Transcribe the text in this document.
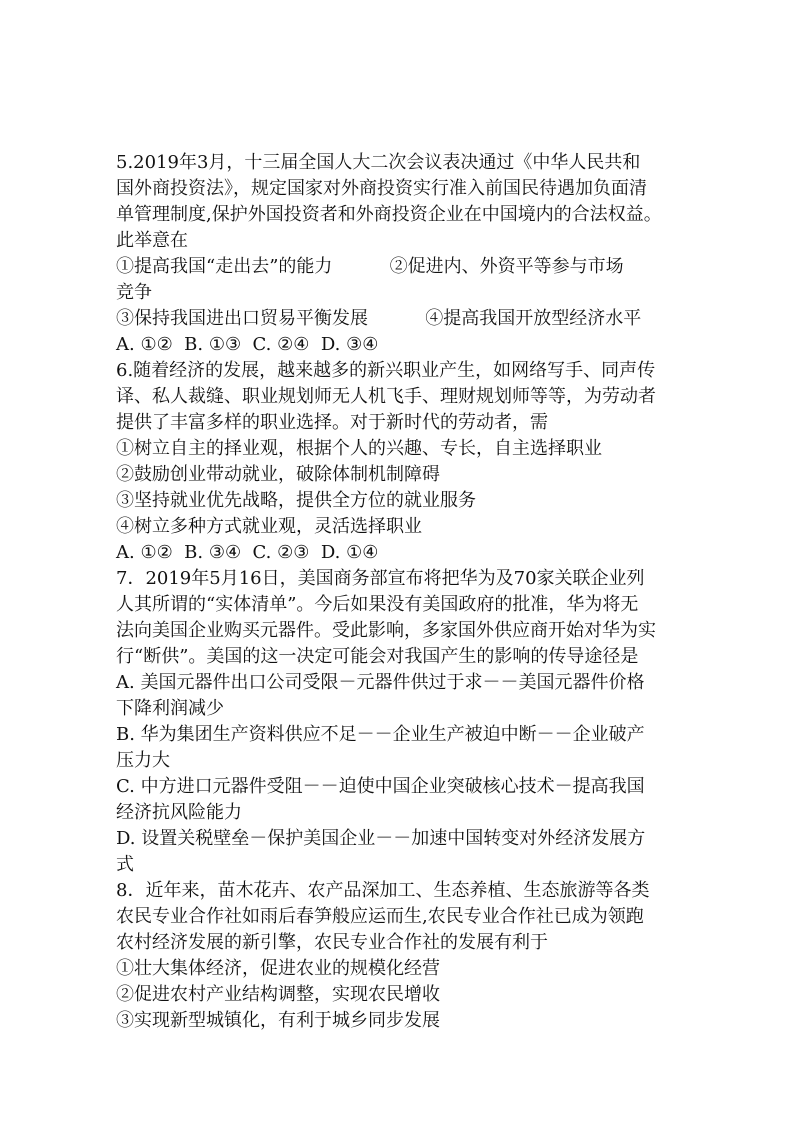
5.2019年3月，十三届全国人大二次会议表决通过《中华人民共和
国外商投资法》，规定国家对外商投资实行准入前国民待遇加负面清
单管理制度,保护外国投资者和外商投资企业在中国境内的合法权益。
此举意在
①提高我国“走出去”的能力          ②促进内、外资平等参与市场
竞争
③保持我国进出口贸易平衡发展          ④提高我国开放型经济水平
A. ①②  B. ①③  C. ②④  D. ③④
6.随着经济的发展，越来越多的新兴职业产生，如网络写手、同声传
译、私人裁缝、职业规划师无人机飞手、理财规划师等等，为劳动者
提供了丰富多样的职业选择。对于新时代的劳动者，需
①树立自主的择业观，根据个人的兴趣、专长，自主选择职业
②鼓励创业带动就业，破除体制机制障碍
③坚持就业优先战略，提供全方位的就业服务
④树立多种方式就业观，灵活选择职业
A. ①②  B. ③④  C. ②③  D. ①④
7．2019年5月16日，美国商务部宣布将把华为及70家关联企业列
人其所谓的“实体清单”。今后如果没有美国政府的批准，华为将无
法向美国企业购买元器件。受此影响，多家国外供应商开始对华为实
行“断供”。美国的这一决定可能会对我国产生的影响的传导途径是
A. 美国元器件出口公司受限－元器件供过于求－－美国元器件价格
下降利润减少
B. 华为集团生产资料供应不足－－企业生产被迫中断－－企业破产
压力大
C. 中方进口元器件受阻－－迫使中国企业突破核心技术－提高我国
经济抗风险能力
D. 设置关税壁垒－保护美国企业－－加速中国转变对外经济发展方
式
8．近年来，苗木花卉、农产品深加工、生态养植、生态旅游等各类
农民专业合作社如雨后春笋般应运而生,农民专业合作社已成为领跑
农村经济发展的新引擎，农民专业合作社的发展有利于
①壮大集体经济，促进农业的规模化经营
②促进农村产业结构调整，实现农民增收
③实现新型城镇化，有利于城乡同步发展
